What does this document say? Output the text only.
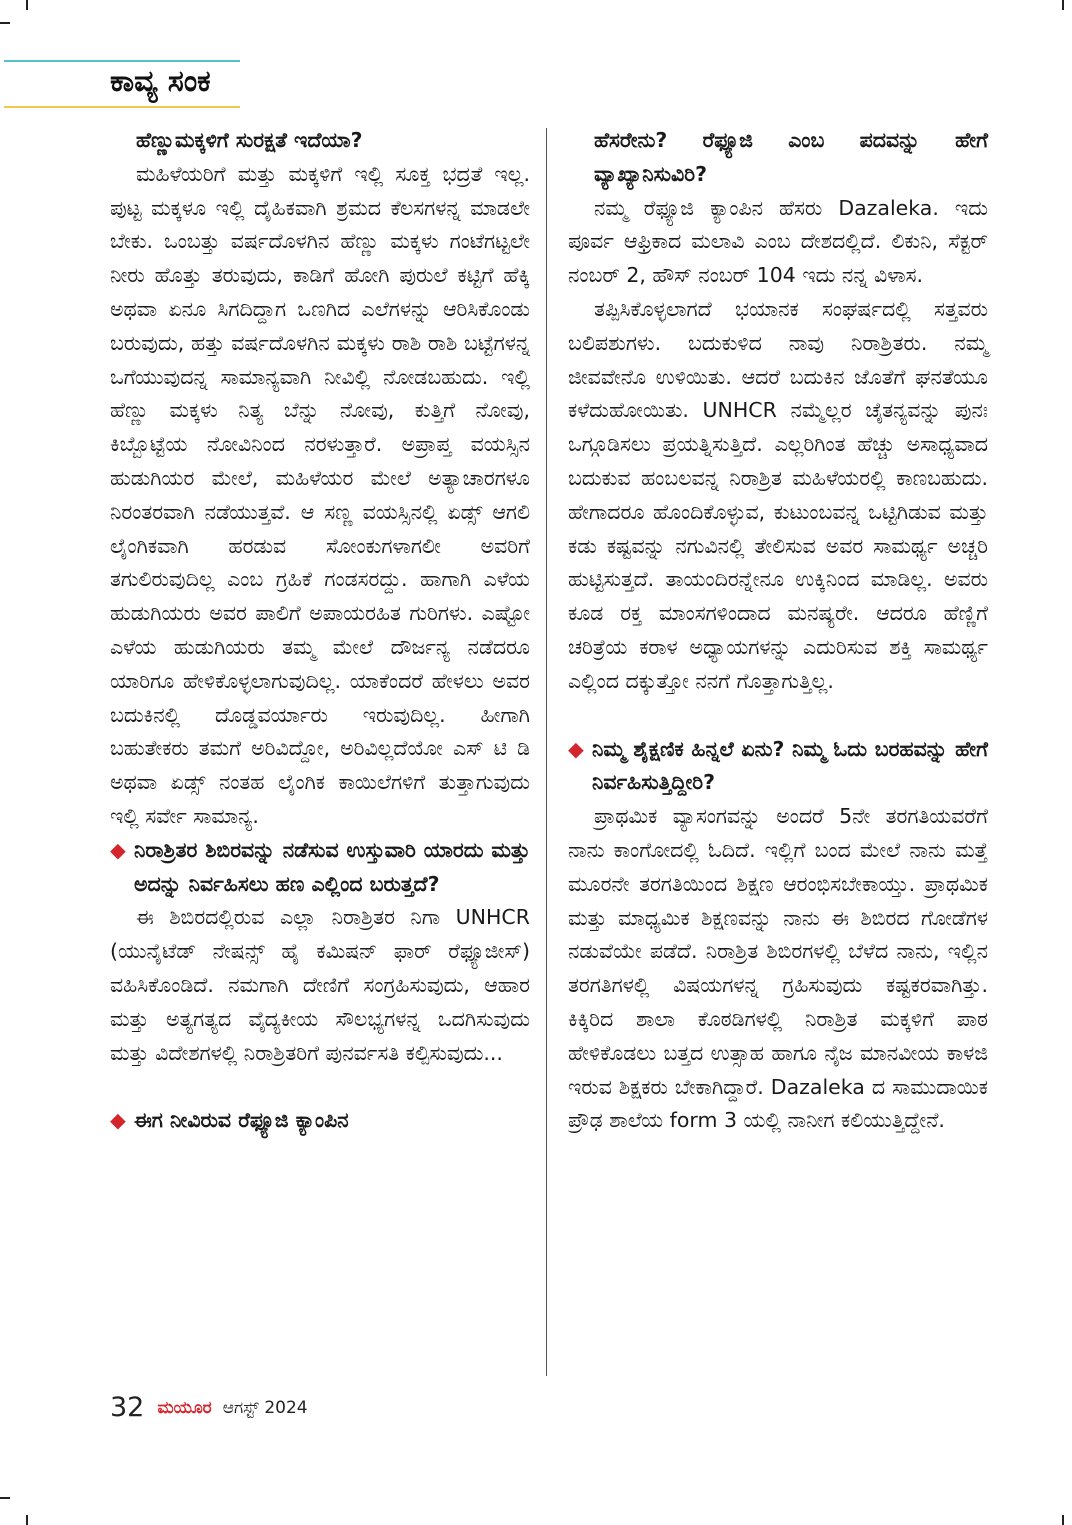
ಕಾವ್ಯ ಸಂಕ

ಹೆಣ್ಣುಮಕ್ಕಳಿಗೆ ಸುರಕ್ಷತೆ ಇದೆಯಾ?

ಮಹಿಳೆಯರಿಗೆ ಮತ್ತು ಮಕ್ಕಳಿಗೆ ಇಲ್ಲಿ ಸೂಕ್ತ ಭದ್ರತೆ ಇಲ್ಲ. ಪುಟ್ಟ ಮಕ್ಕಳೂ ಇಲ್ಲಿ ದೈಹಿಕವಾಗಿ ಶ್ರಮದ ಕೆಲಸಗಳನ್ನ ಮಾಡಲೇ ಬೇಕು. ಒಂಬತ್ತು ವರ್ಷದೊಳಗಿನ ಹೆಣ್ಣು ಮಕ್ಕಳು ಗಂಟೆಗಟ್ಟಲೇ ನೀರು ಹೊತ್ತು ತರುವುದು, ಕಾಡಿಗೆ ಹೋಗಿ ಪುರುಲೆ ಕಟ್ಟಿಗೆ ಹೆಕ್ಕಿ ಅಥವಾ ಏನೂ ಸಿಗದಿದ್ದಾಗ ಒಣಗಿದ ಎಲೆಗಳನ್ನು ಆರಿಸಿಕೊಂಡು ಬರುವುದು, ಹತ್ತು ವರ್ಷದೊಳಗಿನ ಮಕ್ಕಳು ರಾಶಿ ರಾಶಿ ಬಟ್ಟೆಗಳನ್ನ ಒಗೆಯುವುದನ್ನ ಸಾಮಾನ್ಯವಾಗಿ ನೀವಿಲ್ಲಿ ನೋಡಬಹುದು. ಇಲ್ಲಿ ಹೆಣ್ಣು ಮಕ್ಕಳು ನಿತ್ಯ ಬೆನ್ನು ನೋವು, ಕುತ್ತಿಗೆ ನೋವು, ಕಿಬ್ಬೊಟ್ಟೆಯ ನೋವಿನಿಂದ ನರಳುತ್ತಾರೆ. ಅಪ್ರಾಪ್ತ ವಯಸ್ಸಿನ ಹುಡುಗಿಯರ ಮೇಲೆ, ಮಹಿಳೆಯರ ಮೇಲೆ ಅತ್ಯಾಚಾರಗಳೂ ನಿರಂತರವಾಗಿ ನಡೆಯುತ್ತವೆ. ಆ ಸಣ್ಣ ವಯಸ್ಸಿನಲ್ಲಿ ಏಡ್ಸ್ ಆಗಲಿ ಲೈಂಗಿಕವಾಗಿ ಹರಡುವ ಸೋಂಕುಗಳಾಗಲೀ ಅವರಿಗೆ ತಗುಲಿರುವುದಿಲ್ಲ ಎಂಬ ಗ್ರಹಿಕೆ ಗಂಡಸರದ್ದು. ಹಾಗಾಗಿ ಎಳೆಯ ಹುಡುಗಿಯರು ಅವರ ಪಾಲಿಗೆ ಅಪಾಯರಹಿತ ಗುರಿಗಳು. ಎಷ್ಟೋ ಎಳೆಯ ಹುಡುಗಿಯರು ತಮ್ಮ ಮೇಲೆ ದೌರ್ಜನ್ಯ ನಡೆದರೂ ಯಾರಿಗೂ ಹೇಳಿಕೊಳ್ಳಲಾಗುವುದಿಲ್ಲ. ಯಾಕೆಂದರೆ ಹೇಳಲು ಅವರ ಬದುಕಿನಲ್ಲಿ ದೊಡ್ಡವರ್ಯಾರು ಇರುವುದಿಲ್ಲ. ಹೀಗಾಗಿ ಬಹುತೇಕರು ತಮಗೆ ಅರಿವಿದ್ದೋ, ಅರಿವಿಲ್ಲದೆಯೋ ಎಸ್ ಟಿ ಡಿ ಅಥವಾ ಏಡ್ಸ್ ನಂತಹ ಲೈಂಗಿಕ ಕಾಯಿಲೆಗಳಿಗೆ ತುತ್ತಾಗುವುದು ಇಲ್ಲಿ ಸರ್ವೇ ಸಾಮಾನ್ಯ.

◆ ನಿರಾಶ್ರಿತರ ಶಿಬಿರವನ್ನು ನಡೆಸುವ ಉಸ್ತುವಾರಿ ಯಾರದು ಮತ್ತು ಅದನ್ನು ನಿರ್ವಹಿಸಲು ಹಣ ಎಲ್ಲಿಂದ ಬರುತ್ತದೆ?

ಈ ಶಿಬಿರದಲ್ಲಿರುವ ಎಲ್ಲಾ ನಿರಾಶ್ರಿತರ ನಿಗಾ UNHCR (ಯುನೈಟೆಡ್ ನೇಷನ್ಸ್ ಹೈ ಕಮಿಷನ್ ಫಾರ್ ರೆಫ್ಯೂಜೀಸ್) ವಹಿಸಿಕೊಂಡಿದೆ. ನಮಗಾಗಿ ದೇಣಿಗೆ ಸಂಗ್ರಹಿಸುವುದು, ಆಹಾರ ಮತ್ತು ಅತ್ಯಗತ್ಯದ ವೈದ್ಯಕೀಯ ಸೌಲಭ್ಯಗಳನ್ನ ಒದಗಿಸುವುದು ಮತ್ತು ವಿದೇಶಗಳಲ್ಲಿ ನಿರಾಶ್ರಿತರಿಗೆ ಪುನರ್ವಸತಿ ಕಲ್ಪಿಸುವುದು...

◆ ಈಗ ನೀವಿರುವ ರೆಫ್ಯೂಜಿ ಕ್ಯಾಂಪಿನ

ಹೆಸರೇನು? ರೆಫ್ಯೂಜಿ ಎಂಬ ಪದವನ್ನು ಹೇಗೆ ವ್ಯಾಖ್ಯಾನಿಸುವಿರಿ?

ನಮ್ಮ ರೆಫ್ಯೂಜಿ ಕ್ಯಾಂಪಿನ ಹೆಸರು Dazaleka. ಇದು ಪೂರ್ವ ಆಫ್ರಿಕಾದ ಮಲಾವಿ ಎಂಬ ದೇಶದಲ್ಲಿದೆ. ಲಿಕುನಿ, ಸೆಕ್ಟರ್ ನಂಬರ್ 2, ಹೌಸ್ ನಂಬರ್ 104 ಇದು ನನ್ನ ವಿಳಾಸ.

ತಪ್ಪಿಸಿಕೊಳ್ಳಲಾಗದೆ ಭಯಾನಕ ಸಂಘರ್ಷದಲ್ಲಿ ಸತ್ತವರು ಬಲಿಪಶುಗಳು. ಬದುಕುಳಿದ ನಾವು ನಿರಾಶ್ರಿತರು. ನಮ್ಮ ಜೀವವೇನೊ ಉಳಿಯಿತು. ಆದರೆ ಬದುಕಿನ ಜೊತೆಗೆ ಘನತೆಯೂ ಕಳೆದುಹೋಯಿತು. UNHCR ನಮ್ಮೆಲ್ಲರ ಚೈತನ್ಯವನ್ನು ಪುನಃ ಒಗ್ಗೂಡಿಸಲು ಪ್ರಯತ್ನಿಸುತ್ತಿದೆ. ಎಲ್ಲರಿಗಿಂತ ಹೆಚ್ಚು ಅಸಾಧ್ಯವಾದ ಬದುಕುವ ಹಂಬಲವನ್ನ ನಿರಾಶ್ರಿತ ಮಹಿಳೆಯರಲ್ಲಿ ಕಾಣಬಹುದು. ಹೇಗಾದರೂ ಹೊಂದಿಕೊಳ್ಳುವ, ಕುಟುಂಬವನ್ನ ಒಟ್ಟಿಗಿಡುವ ಮತ್ತು ಕಡು ಕಷ್ಟವನ್ನು ನಗುವಿನಲ್ಲಿ ತೇಲಿಸುವ ಅವರ ಸಾಮರ್ಥ್ಯ ಅಚ್ಚರಿ ಹುಟ್ಟಿಸುತ್ತದೆ. ತಾಯಂದಿರನ್ನೇನೂ ಉಕ್ಕಿನಿಂದ ಮಾಡಿಲ್ಲ. ಅವರು ಕೂಡ ರಕ್ತ ಮಾಂಸಗಳಿಂದಾದ ಮನಷ್ಯರೇ. ಆದರೂ ಹೆಣ್ಣಿಗೆ ಚರಿತ್ರೆಯ ಕರಾಳ ಅಧ್ಯಾಯಗಳನ್ನು ಎದುರಿಸುವ ಶಕ್ತಿ ಸಾಮರ್ಥ್ಯ ಎಲ್ಲಿಂದ ದಕ್ಕುತ್ತೋ ನನಗೆ ಗೊತ್ತಾಗುತ್ತಿಲ್ಲ.

◆ ನಿಮ್ಮ ಶೈಕ್ಷಣಿಕ ಹಿನ್ನಲೆ ಏನು? ನಿಮ್ಮ ಓದು ಬರಹವನ್ನು ಹೇಗೆ ನಿರ್ವಹಿಸುತ್ತಿದ್ದೀರಿ?

ಪ್ರಾಥಮಿಕ ವ್ಯಾಸಂಗವನ್ನು ಅಂದರೆ 5ನೇ ತರಗತಿಯವರೆಗೆ ನಾನು ಕಾಂಗೋದಲ್ಲಿ ಓದಿದೆ. ಇಲ್ಲಿಗೆ ಬಂದ ಮೇಲೆ ನಾನು ಮತ್ತೆ ಮೂರನೇ ತರಗತಿಯಿಂದ ಶಿಕ್ಷಣ ಆರಂಭಿಸಬೇಕಾಯ್ತು. ಪ್ರಾಥಮಿಕ ಮತ್ತು ಮಾಧ್ಯಮಿಕ ಶಿಕ್ಷಣವನ್ನು ನಾನು ಈ ಶಿಬಿರದ ಗೋಡೆಗಳ ನಡುವೆಯೇ ಪಡೆದೆ. ನಿರಾಶ್ರಿತ ಶಿಬಿರಗಳಲ್ಲಿ ಬೆಳೆದ ನಾನು, ಇಲ್ಲಿನ ತರಗತಿಗಳಲ್ಲಿ ವಿಷಯಗಳನ್ನ ಗ್ರಹಿಸುವುದು ಕಷ್ಟಕರವಾಗಿತ್ತು. ಕಿಕ್ಕಿರಿದ ಶಾಲಾ ಕೊಠಡಿಗಳಲ್ಲಿ ನಿರಾಶ್ರಿತ ಮಕ್ಕಳಿಗೆ ಪಾಠ ಹೇಳಿಕೊಡಲು ಬತ್ತದ ಉತ್ಸಾಹ ಹಾಗೂ ನೈಜ ಮಾನವೀಯ ಕಾಳಜಿ ಇರುವ ಶಿಕ್ಷಕರು ಬೇಕಾಗಿದ್ದಾರೆ. Dazaleka ದ ಸಾಮುದಾಯಿಕ ಪ್ರೌಢ ಶಾಲೆಯ form 3 ಯಲ್ಲಿ ನಾನೀಗ ಕಲಿಯುತ್ತಿದ್ದೇನೆ.

32 ಮಯೂರ ಆಗಸ್ಟ್ 2024
